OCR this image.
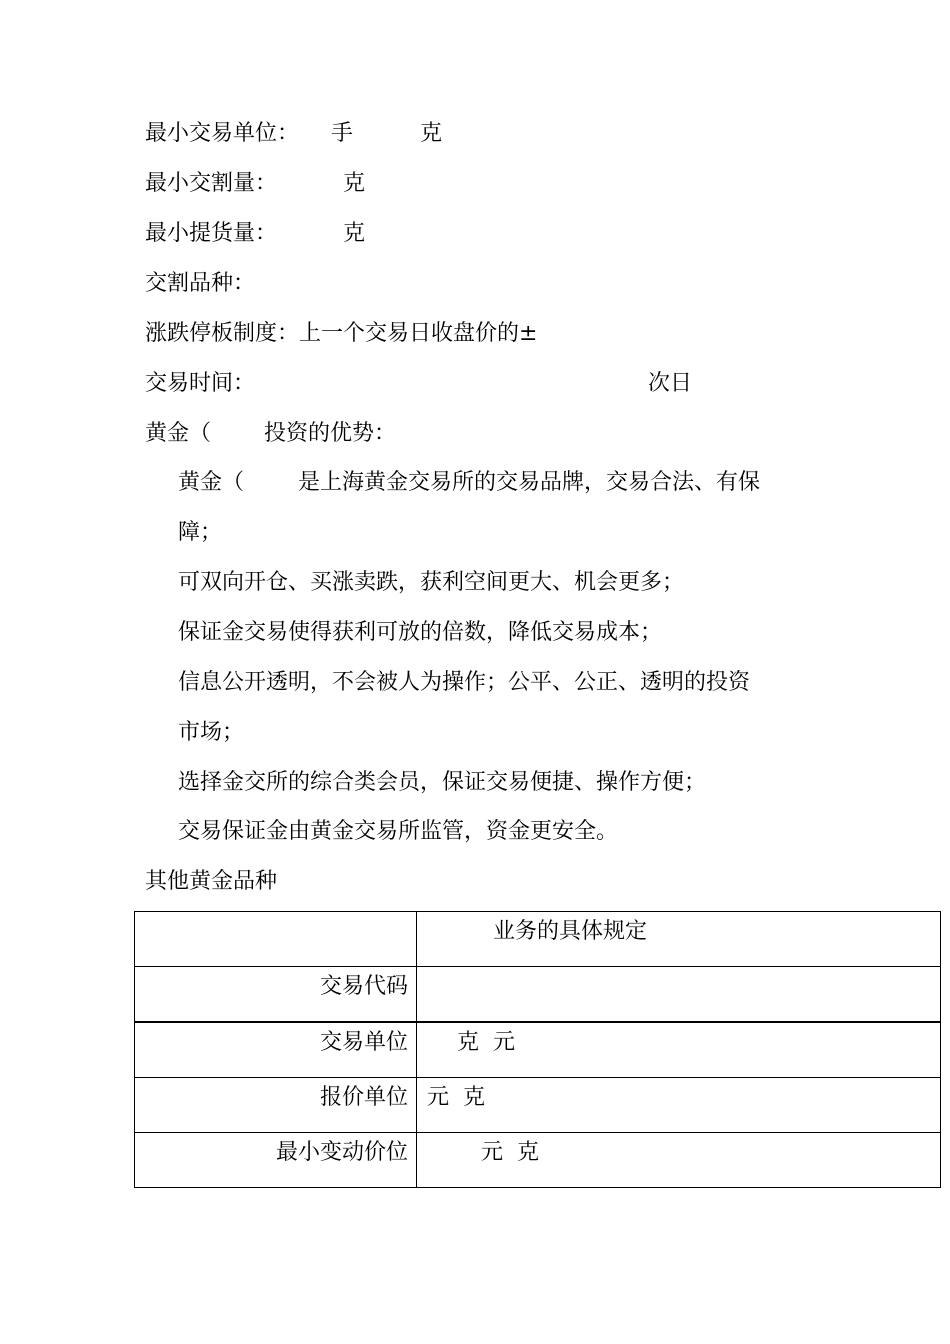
最小交易单位： 手	克
最小交割量：	克
最小提货量：	克
交割品种：
涨跌停板制度：上一个交易日收盘价的±
交易时间：	次日
黄金（ 投资的优势：
黄金（ 是上海黄金交易所的交易品牌，交易合法、有保
障；
可双向开仓、买涨卖跌，获利空间更大、机会更多；
保证金交易使得获利可放的倍数，降低交易成本；
信息公开透明，不会被人为操作；公平、公正、透明的投资
市场；
选择金交所的综合类会员，保证交易便捷、操作方便；
交易保证金由黄金交易所监管，资金更安全。
其他黄金品种

	业务的具体规定

交易代码	

交易单位	克  元

报价单位	元  克

最小变动价位	元  克
